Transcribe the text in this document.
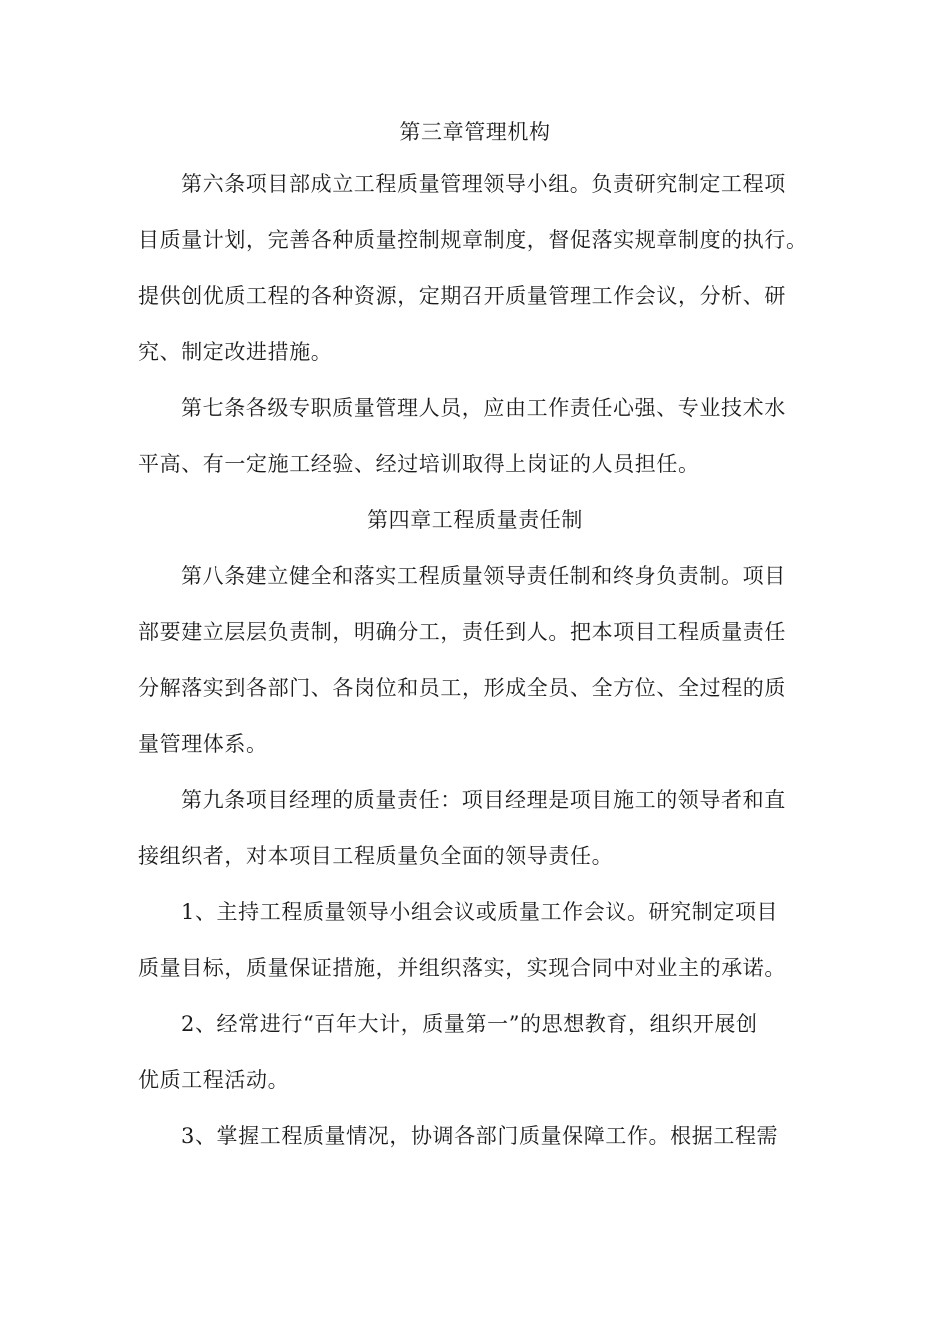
第三章管理机构
第六条项目部成立工程质量管理领导小组。负责研究制定工程项
目质量计划，完善各种质量控制规章制度，督促落实规章制度的执行。
提供创优质工程的各种资源，定期召开质量管理工作会议，分析、研
究、制定改进措施。
第七条各级专职质量管理人员，应由工作责任心强、专业技术水
平高、有一定施工经验、经过培训取得上岗证的人员担任。
第四章工程质量责任制
第八条建立健全和落实工程质量领导责任制和终身负责制。项目
部要建立层层负责制，明确分工，责任到人。把本项目工程质量责任
分解落实到各部门、各岗位和员工，形成全员、全方位、全过程的质
量管理体系。
第九条项目经理的质量责任：项目经理是项目施工的领导者和直
接组织者，对本项目工程质量负全面的领导责任。
1、主持工程质量领导小组会议或质量工作会议。研究制定项目
质量目标，质量保证措施，并组织落实，实现合同中对业主的承诺。
2、经常进行“百年大计，质量第一”的思想教育，组织开展创
优质工程活动。
3、掌握工程质量情况，协调各部门质量保障工作。根据工程需
